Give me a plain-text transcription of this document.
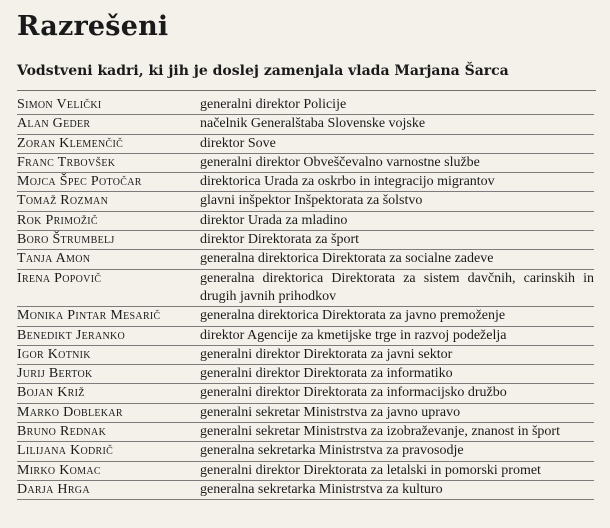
Razrešeni
Vodstveni kadri, ki jih je doslej zamenjala vlada Marjana Šarca
Simon Velički	generalni direktor Policije
Alan Geder	načelnik Generalštaba Slovenske vojske
Zoran Klemenčič	direktor Sove
Franc Trbovšek	generalni direktor Obveščevalno varnostne službe
Mojca Špec Potočar	direktorica Urada za oskrbo in integracijo migrantov
Tomaž Rozman	glavni inšpektor Inšpektorata za šolstvo
Rok Primožič	direktor Urada za mladino
Boro Štrumbelj	direktor Direktorata za šport
Tanja Amon	generalna direktorica Direktorata za socialne zadeve
Irena Popovič	generalna direktorica Direktorata za sistem davčnih, carinskih in drugih javnih prihodkov
Monika Pintar Mesarič	generalna direktorica Direktorata za javno premoženje
Benedikt Jeranko	direktor Agencije za kmetijske trge in razvoj podeželja
Igor Kotnik	generalni direktor Direktorata za javni sektor
Jurij Bertok	generalni direktor Direktorata za informatiko
Bojan Križ	generalni direktor Direktorata za informacijsko družbo
Marko Doblekar	generalni sekretar Ministrstva za javno upravo
Bruno Rednak	generalni sekretar Ministrstva za izobraževanje, znanost in šport
Lilijana Kodrič	generalna sekretarka Ministrstva za pravosodje
Mirko Komac	generalni direktor Direktorata za letalski in pomorski promet
Darja Hrga	generalna sekretarka Ministrstva za kulturo
